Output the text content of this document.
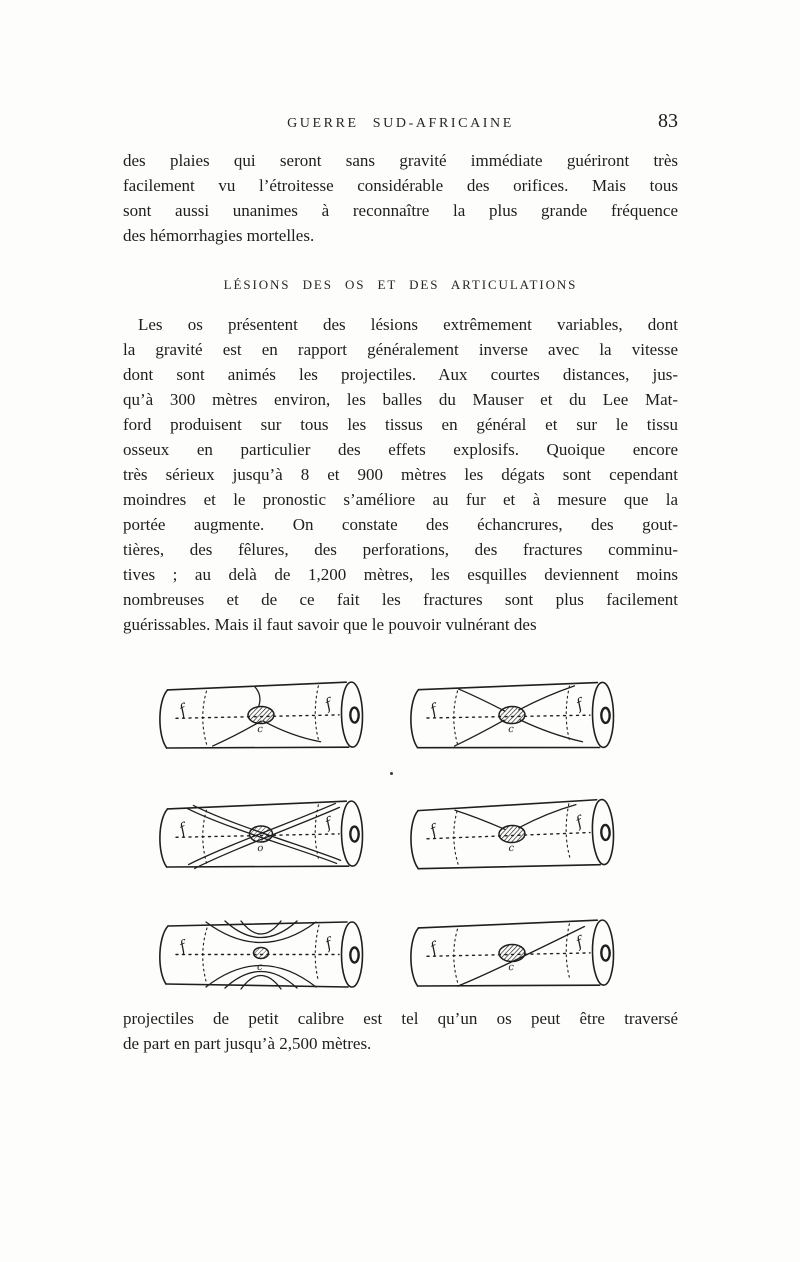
GUERRE SUD-AFRICAINE	83
des plaies qui seront sans gravité immédiate guériront très
facilement vu l’étroitesse considérable des orifices. Mais tous
sont aussi unanimes à reconnaître la plus grande fréquence
des hémorrhagies mortelles.
LÉSIONS DES OS ET DES ARTICULATIONS
Les os présentent des lésions extrêmement variables, dont
la gravité est en rapport généralement inverse avec la vitesse
dont sont animés les projectiles. Aux courtes distances, jus-
qu’à 300 mètres environ, les balles du Mauser et du Lee Mat-
ford produisent sur tous les tissus en général et sur le tissu
osseux en particulier des effets explosifs. Quoique encore
très sérieux jusqu’à 8 et 900 mètres les dégats sont cependant
moindres et le pronostic s’améliore au fur et à mesure que la
portée augmente. On constate des échancrures, des gout-
tières, des fêlures, des perforations, des fractures comminu-
tives ; au delà de 1,200 mètres, les esquilles deviennent moins
nombreuses et de ce fait les fractures sont plus facilement
guérissables. Mais il faut savoir que le pouvoir vulnérant des
f	f
c
f	f
c
f	f
o
f	f
c
f	f
c
f	f
c
projectiles de petit calibre est tel qu’un os peut être traversé
de part en part jusqu’à 2,500 mètres.
